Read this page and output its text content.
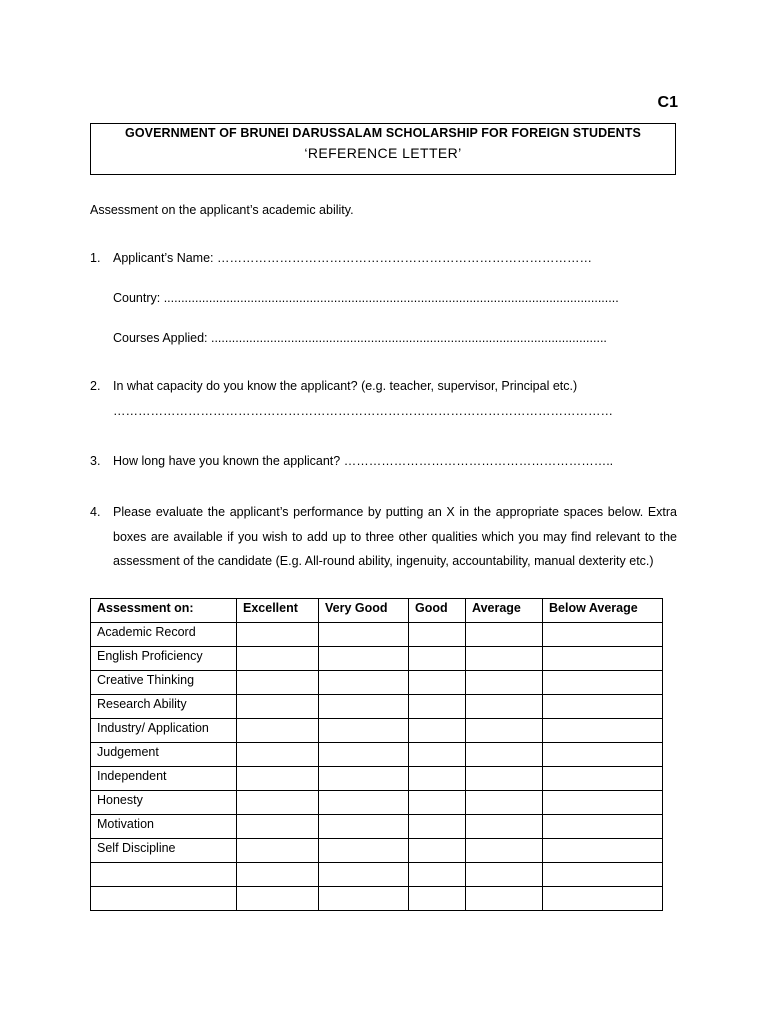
C1
GOVERNMENT OF BRUNEI DARUSSALAM SCHOLARSHIP FOR FOREIGN STUDENTS
‘REFERENCE LETTER’
Assessment on the applicant’s academic ability.
1. Applicant’s Name: ………………………………………………………………………………
Country: ...................................................................................................................................
Courses Applied: ..................................................................................................................
2. In what capacity do you know the applicant? (e.g. teacher, supervisor, Principal etc.)
…………………………………………………………………………………………………………
3. How long have you known the applicant? ………………………………………………………..
4. Please evaluate the applicant’s performance by putting an X in the appropriate spaces below. Extra boxes are available if you wish to add up to three other qualities which you may find relevant to the assessment of the candidate (E.g. All-round ability, ingenuity, accountability, manual dexterity etc.)
Assessment on:	Excellent	Very Good	Good	Average	Below Average
Academic Record					
English Proficiency					
Creative Thinking					
Research Ability					
Industry/ Application					
Judgement					
Independent					
Honesty					
Motivation					
Self Discipline					
